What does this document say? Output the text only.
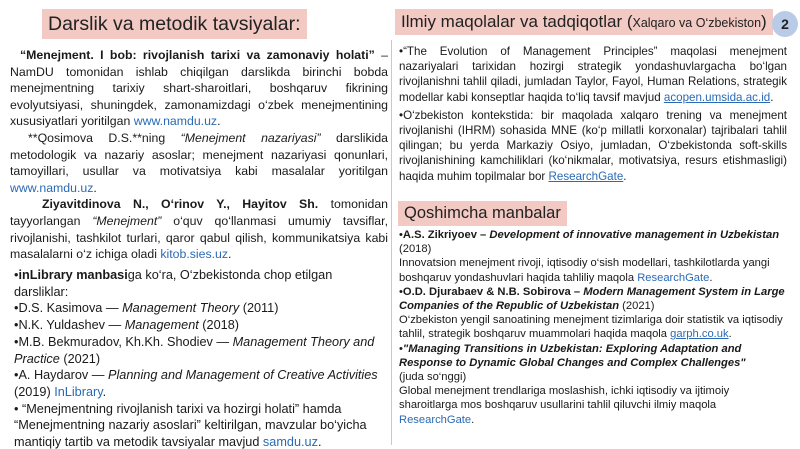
Darslik va metodik tavsiyalar:

“Menejment. I bob: rivojlanish tarixi va zamonaviy holati” – NamDU tomonidan ishlab chiqilgan darslikda birinchi bobda menejmentning tarixiy shart-sharoitlari, boshqaruv fikrining evolyutsiyasi, shuningdek, zamonamizdagi o‘zbek menejmentining xususiyatlari yoritilgan www.namdu.uz.

**Qosimova D.S.**ning “Menejment nazariyasi” darslikida metodologik va nazariy asoslar; menejment nazariyasi qonunlari, tamoyillari, usullar va motivatsiya kabi masalalar yoritilgan www.namdu.uz.

Ziyavitdinova N., O‘rinov Y., Hayitov Sh. tomonidan tayyorlangan “Menejment” o‘quv qo‘llanmasi umumiy tavsiflar, rivojlanishi, tashkilot turlari, qaror qabul qilish, kommunikatsiya kabi masalalarni o‘z ichiga oladi kitob.sies.uz.

•inLibrary manbasiga ko‘ra, O‘zbekistonda chop etilgan darsliklar:
•D.S. Kasimova — Management Theory (2011)
•N.K. Yuldashev — Management (2018)
•M.B. Bekmuradov, Kh.Kh. Shodiev — Management Theory and Practice (2021)
•A. Haydarov — Planning and Management of Creative Activities (2019) InLibrary.
• “Menejmentning rivojlanish tarixi va hozirgi holati” hamda “Menejmentning nazariy asoslari” keltirilgan, mavzular bo‘yicha mantiqiy tartib va metodik tavsiyalar mavjud samdu.uz.
Ilmiy maqolalar va tadqiqotlar (Xalqaro va O‘zbekiston)	2

•“The Evolution of Management Principles” maqolasi menejment nazariyalari tarixidan hozirgi strategik yondashuvlargacha bo‘lgan rivojlanishni tahlil qiladi, jumladan Taylor, Fayol, Human Relations, strategik modellar kabi konseptlar haqida to‘liq tavsif mavjud acopen.umsida.ac.id.

•O‘zbekiston kontekstida: bir maqolada xalqaro trening va menejment rivojlanishi (IHRM) sohasida MNE (ko‘p millatli korxonalar) tajribalari tahlil qilingan; bu yerda Markaziy Osiyo, jumladan, O‘zbekistonda soft-skills rivojlanishining kamchiliklari (ko‘nikmalar, motivatsiya, resurs etishmasligi) haqida muhim topilmalar bor ResearchGate.

Qoshimcha manbalar
•A.S. Zikriyoev – Development of innovative management in Uzbekistan (2018)
Innovatsion menejment rivoji, iqtisodiy o‘sish modellari, tashkilotlarda yangi boshqaruv yondashuvlari haqida tahliliy maqola ResearchGate.
•O.D. Djurabaev & N.B. Sobirova – Modern Management System in Large Companies of the Republic of Uzbekistan (2021)
O‘zbekiston yengil sanoatining menejment tizimlariga doir statistik va iqtisodiy tahlil, strategik boshqaruv muammolari haqida maqola garph.co.uk.
•"Managing Transitions in Uzbekistan: Exploring Adaptation and Response to Dynamic Global Changes and Complex Challenges"
(juda so‘nggi)
Global menejment trendlariga moslashish, ichki iqtisodiy va ijtimoiy sharoitlarga mos boshqaruv usullarini tahlil qiluvchi ilmiy maqola ResearchGate.
